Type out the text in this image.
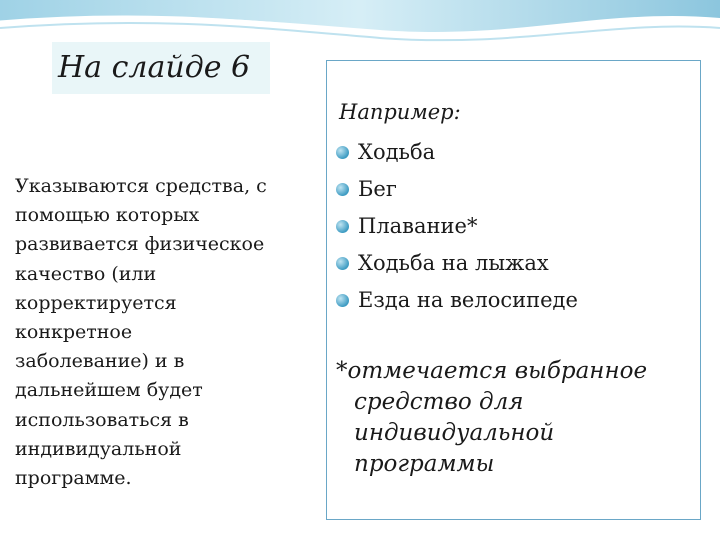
На слайде 6
Указываются средства, с
помощью которых
развивается физическое
качество (или
корректируется
конкретное
заболевание) и в
дальнейшем будет
использоваться в
индивидуальной
программе.
Например:
Ходьба
Бег
Плавание*
Ходьба на лыжах
Езда на велосипеде
*отмечается выбранное
средство для
индивидуальной
программы
